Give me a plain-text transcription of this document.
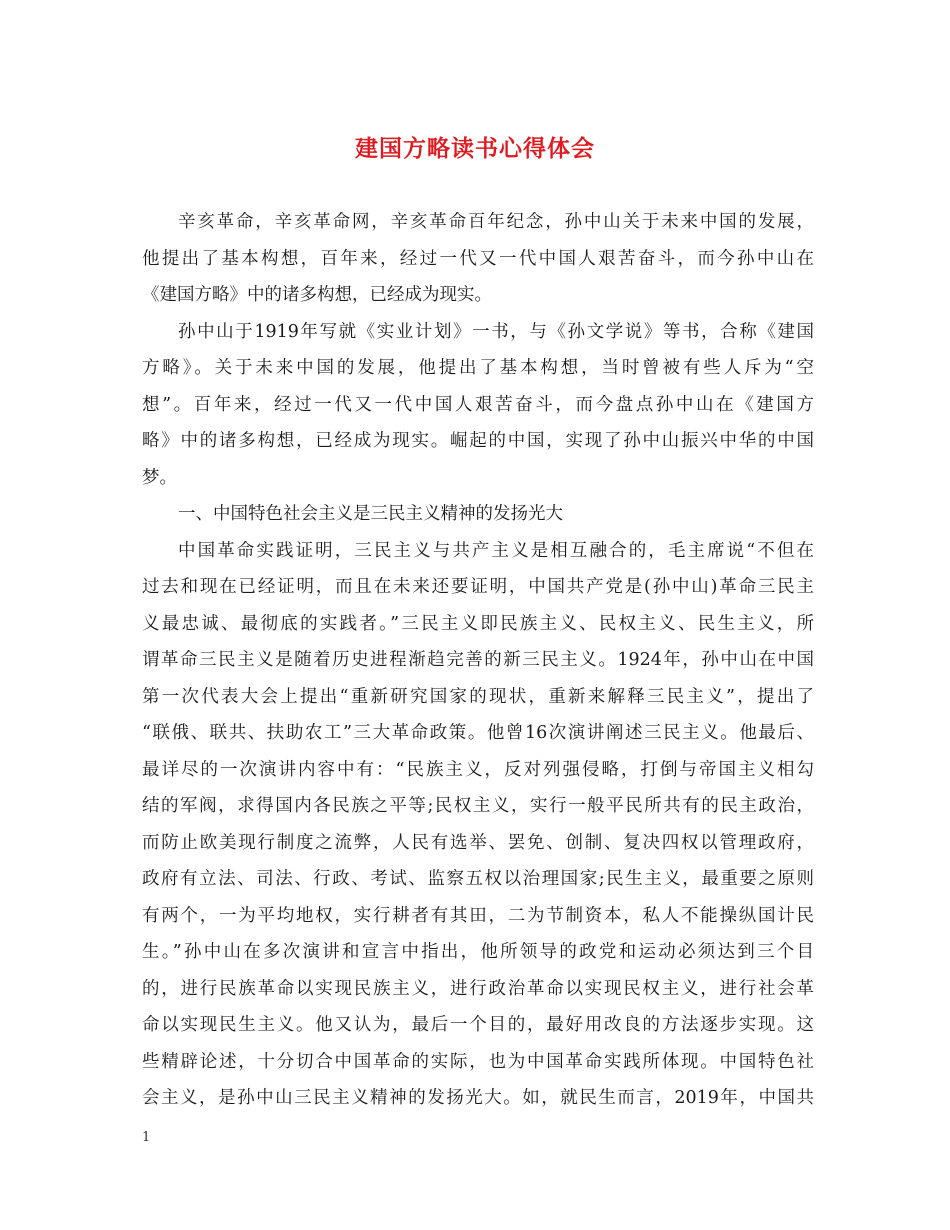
建国方略读书心得体会
辛亥革命，辛亥革命网，辛亥革命百年纪念，孙中山关于未来中国的发展，
他提出了基本构想，百年来，经过一代又一代中国人艰苦奋斗，而今孙中山在
《建国方略》中的诸多构想，已经成为现实。
孙中山于1919年写就《实业计划》一书，与《孙文学说》等书，合称《建国
方略》。关于未来中国的发展，他提出了基本构想，当时曾被有些人斥为“空
想”。百年来，经过一代又一代中国人艰苦奋斗，而今盘点孙中山在《建国方
略》中的诸多构想，已经成为现实。崛起的中国，实现了孙中山振兴中华的中国
梦。
一、中国特色社会主义是三民主义精神的发扬光大
中国革命实践证明，三民主义与共产主义是相互融合的，毛主席说“不但在
过去和现在已经证明，而且在未来还要证明，中国共产党是(孙中山)革命三民主
义最忠诚、最彻底的实践者。”三民主义即民族主义、民权主义、民生主义，所
谓革命三民主义是随着历史进程渐趋完善的新三民主义。1924年，孙中山在中国
第一次代表大会上提出“重新研究国家的现状，重新来解释三民主义”，提出了
“联俄、联共、扶助农工”三大革命政策。他曾16次演讲阐述三民主义。他最后、
最详尽的一次演讲内容中有：“民族主义，反对列强侵略，打倒与帝国主义相勾
结的军阀，求得国内各民族之平等;民权主义，实行一般平民所共有的民主政治，
而防止欧美现行制度之流弊，人民有选举、罢免、创制、复决四权以管理政府，
政府有立法、司法、行政、考试、监察五权以治理国家;民生主义，最重要之原则
有两个，一为平均地权，实行耕者有其田，二为节制资本，私人不能操纵国计民
生。”孙中山在多次演讲和宣言中指出，他所领导的政党和运动必须达到三个目
的，进行民族革命以实现民族主义，进行政治革命以实现民权主义，进行社会革
命以实现民生主义。他又认为，最后一个目的，最好用改良的方法逐步实现。这
些精辟论述，十分切合中国革命的实际，也为中国革命实践所体现。中国特色社
会主义，是孙中山三民主义精神的发扬光大。如，就民生而言，2019年，中国共
1
